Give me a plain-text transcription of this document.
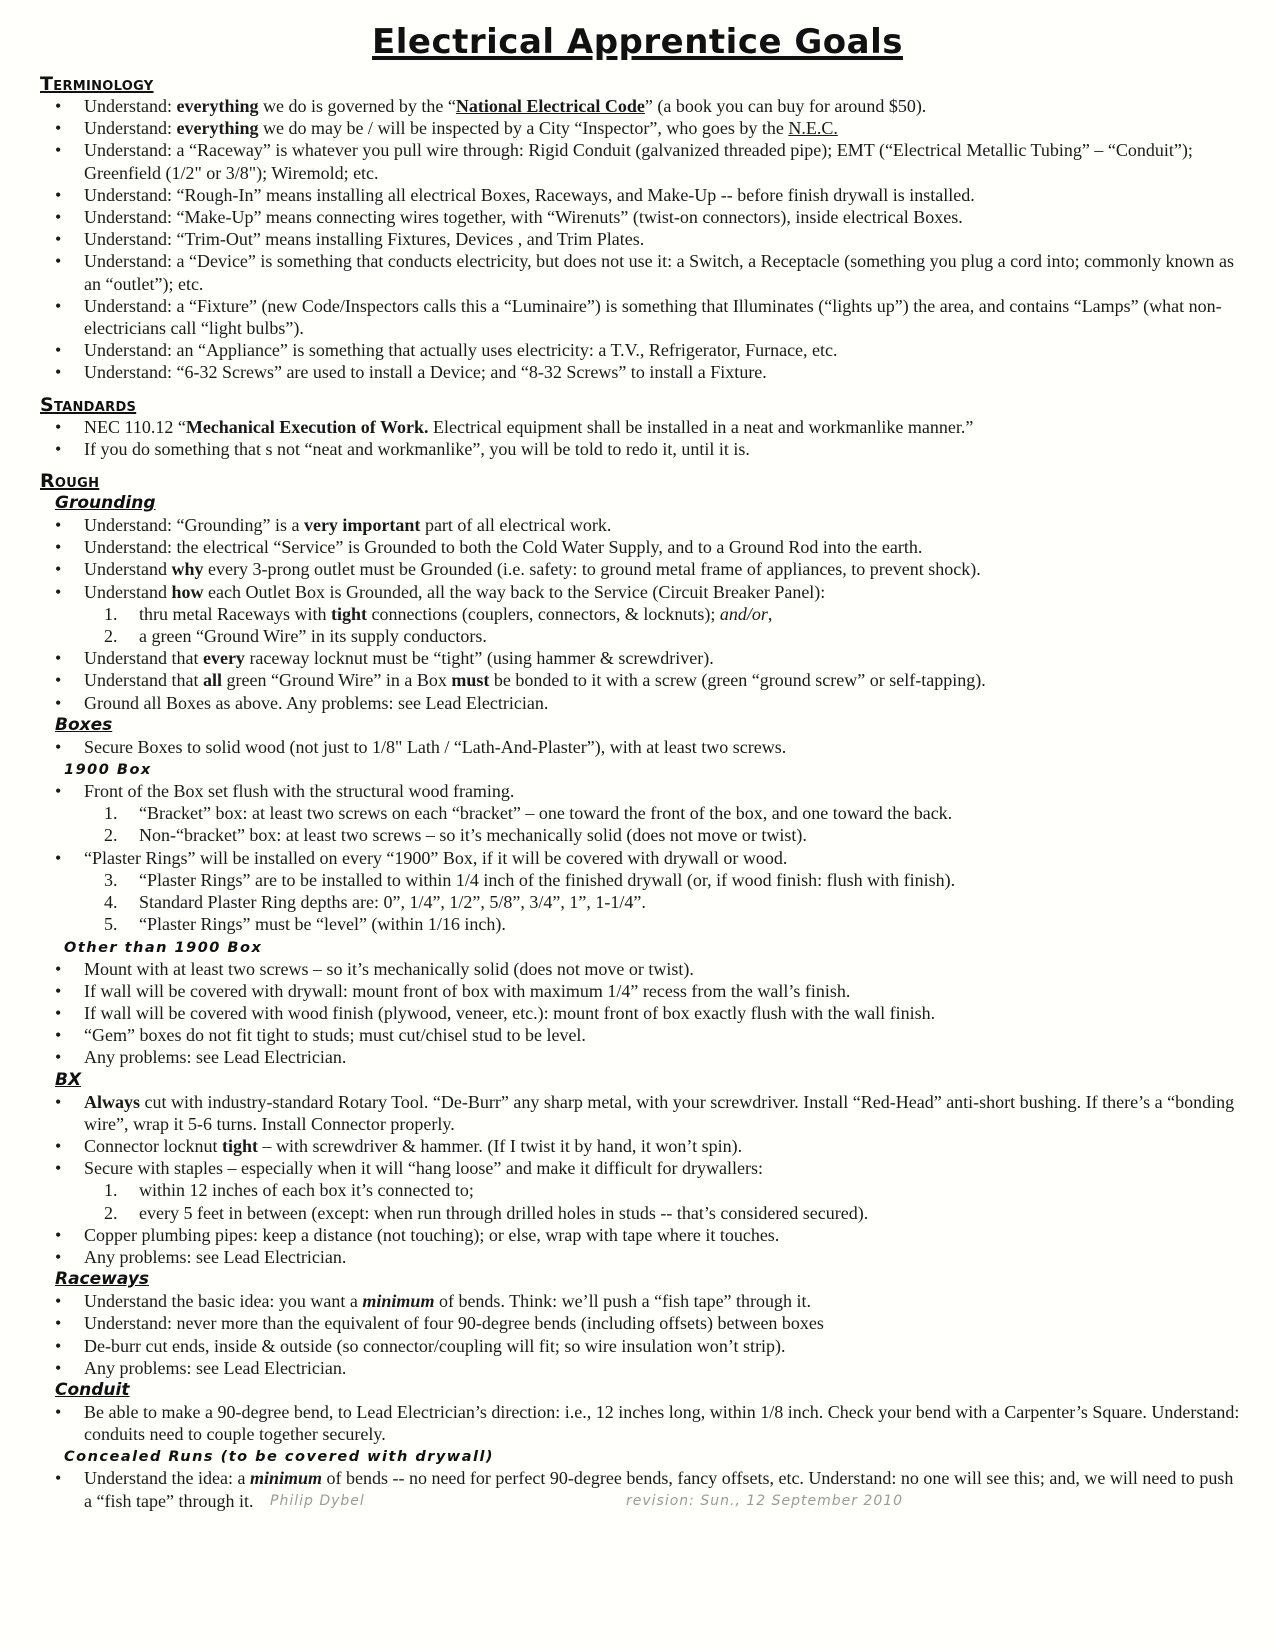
Electrical Apprentice Goals
Terminology
• Understand: everything we do is governed by the “National Electrical Code” (a book you can buy for around $50).
• Understand: everything we do may be / will be inspected by a City “Inspector”, who goes by the N.E.C.
• Understand: a “Raceway” is whatever you pull wire through: Rigid Conduit (galvanized threaded pipe); EMT (“Electrical Metallic Tubing” – “Conduit”); Greenfield (1/2" or 3/8"); Wiremold; etc.
• Understand: “Rough-In” means installing all electrical Boxes, Raceways, and Make-Up -- before finish drywall is installed.
• Understand: “Make-Up” means connecting wires together, with “Wirenuts” (twist-on connectors), inside electrical Boxes.
• Understand: “Trim-Out” means installing Fixtures, Devices , and Trim Plates.
• Understand: a “Device” is something that conducts electricity, but does not use it: a Switch, a Receptacle (something you plug a cord into; commonly known as an “outlet”); etc.
• Understand: a “Fixture” (new Code/Inspectors calls this a “Luminaire”) is something that Illuminates (“lights up”) the area, and contains “Lamps” (what non-electricians call “light bulbs”).
• Understand: an “Appliance” is something that actually uses electricity: a T.V., Refrigerator, Furnace, etc.
• Understand: “6-32 Screws” are used to install a Device; and “8-32 Screws” to install a Fixture.
Standards
• NEC 110.12 “Mechanical Execution of Work. Electrical equipment shall be installed in a neat and workmanlike manner.”
• If you do something that s not “neat and workmanlike”, you will be told to redo it, until it is.
Rough
Grounding
• Understand: “Grounding” is a very important part of all electrical work.
• Understand: the electrical “Service” is Grounded to both the Cold Water Supply, and to a Ground Rod into the earth.
• Understand why every 3-prong outlet must be Grounded (i.e. safety: to ground metal frame of appliances, to prevent shock).
• Understand how each Outlet Box is Grounded, all the way back to the Service (Circuit Breaker Panel):
1. thru metal Raceways with tight connections (couplers, connectors, & locknuts); and/or,
2. a green “Ground Wire” in its supply conductors.
• Understand that every raceway locknut must be “tight” (using hammer & screwdriver).
• Understand that all green “Ground Wire” in a Box must be bonded to it with a screw (green “ground screw” or self-tapping).
• Ground all Boxes as above. Any problems: see Lead Electrician.
Boxes
• Secure Boxes to solid wood (not just to 1/8" Lath / “Lath-And-Plaster”), with at least two screws.
1900 Box
• Front of the Box set flush with the structural wood framing.
1. “Bracket” box: at least two screws on each “bracket” – one toward the front of the box, and one toward the back.
2. Non-“bracket” box: at least two screws – so it’s mechanically solid (does not move or twist).
• “Plaster Rings” will be installed on every “1900” Box, if it will be covered with drywall or wood.
3. “Plaster Rings” are to be installed to within 1/4 inch of the finished drywall (or, if wood finish: flush with finish).
4. Standard Plaster Ring depths are: 0”, 1/4”, 1/2”, 5/8”, 3/4”, 1”, 1-1/4”.
5. “Plaster Rings” must be “level” (within 1/16 inch).
Other than 1900 Box
• Mount with at least two screws – so it’s mechanically solid (does not move or twist).
• If wall will be covered with drywall: mount front of box with maximum 1/4” recess from the wall’s finish.
• If wall will be covered with wood finish (plywood, veneer, etc.): mount front of box exactly flush with the wall finish.
• “Gem” boxes do not fit tight to studs; must cut/chisel stud to be level.
• Any problems: see Lead Electrician.
BX
• Always cut with industry-standard Rotary Tool. “De-Burr” any sharp metal, with your screwdriver. Install “Red-Head” anti-short bushing. If there’s a “bonding wire”, wrap it 5-6 turns. Install Connector properly.
• Connector locknut tight – with screwdriver & hammer. (If I twist it by hand, it won’t spin).
• Secure with staples – especially when it will “hang loose” and make it difficult for drywallers:
1. within 12 inches of each box it’s connected to;
2. every 5 feet in between (except: when run through drilled holes in studs -- that’s considered secured).
• Copper plumbing pipes: keep a distance (not touching); or else, wrap with tape where it touches.
• Any problems: see Lead Electrician.
Raceways
• Understand the basic idea: you want a minimum of bends. Think: we’ll push a “fish tape” through it.
• Understand: never more than the equivalent of four 90-degree bends (including offsets) between boxes
• De-burr cut ends, inside & outside (so connector/coupling will fit; so wire insulation won’t strip).
• Any problems: see Lead Electrician.
Conduit
• Be able to make a 90-degree bend, to Lead Electrician’s direction: i.e., 12 inches long, within 1/8 inch. Check your bend with a Carpenter’s Square. Understand: conduits need to couple together securely.
Concealed Runs (to be covered with drywall)
• Understand the idea: a minimum of bends -- no need for perfect 90-degree bends, fancy offsets, etc. Understand: no one will see this; and, we will need to push a “fish tape” through it.	Philip Dybel	revision: Sun., 12 September 2010
